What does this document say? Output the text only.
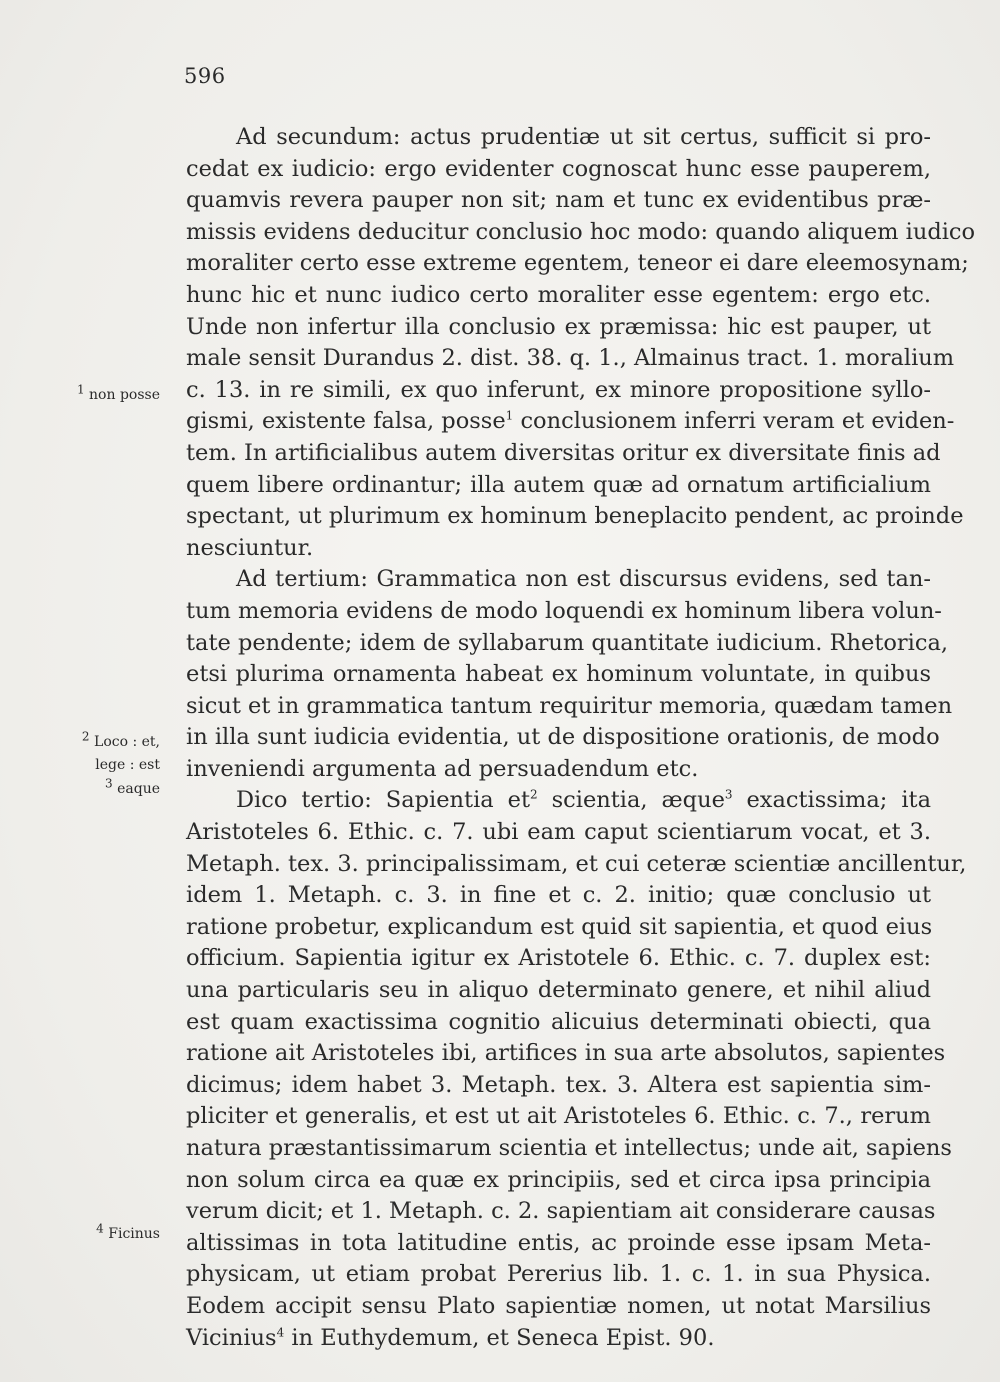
596
$^1$ non posse
$^2$ Loco : et,
lege : est
$^3$ eaque
$^4$ Ficinus
Ad secundum: actus prudentiæ ut sit certus, sufficit si pro-
cedat ex iudicio: ergo evidenter cognoscat hunc esse pauperem,
quamvis revera pauper non sit; nam et tunc ex evidentibus præ-
missis evidens deducitur conclusio hoc modo: quando aliquem iudico
moraliter certo esse extreme egentem, teneor ei dare eleemosynam;
hunc hic et nunc iudico certo moraliter esse egentem: ergo etc.
Unde non infertur illa conclusio ex præmissa: hic est pauper, ut
male sensit Durandus 2. dist. 38. q. 1., Almainus tract. 1. moralium
c. 13. in re simili, ex quo inferunt, ex minore propositione syllo-
gismi, existente falsa, posse$^1$ conclusionem inferri veram et eviden-
tem. In artificialibus autem diversitas oritur ex diversitate finis ad
quem libere ordinantur; illa autem quæ ad ornatum artificialium
spectant, ut plurimum ex hominum beneplacito pendent, ac proinde
nesciuntur.
Ad tertium: Grammatica non est discursus evidens, sed tan-
tum memoria evidens de modo loquendi ex hominum libera volun-
tate pendente; idem de syllabarum quantitate iudicium. Rhetorica,
etsi plurima ornamenta habeat ex hominum voluntate, in quibus
sicut et in grammatica tantum requiritur memoria, quædam tamen
in illa sunt iudicia evidentia, ut de dispositione orationis, de modo
inveniendi argumenta ad persuadendum etc.
Dico tertio: Sapientia $et^2$ scientia, æque$^3$ exactissima; ita
Aristoteles 6. Ethic. c. 7. ubi eam caput scientiarum vocat, et 3.
Metaph. tex. 3. principalissimam, et cui ceteræ scientiæ ancillentur,
idem 1. Metaph. c. 3. in fine et c. 2. initio; quæ conclusio ut
ratione probetur, explicandum est quid sit sapientia, et quod eius
officium. Sapientia igitur ex Aristotele 6. Ethic. c. 7. duplex est:
una particularis seu in aliquo determinato genere, et nihil aliud
est quam exactissima cognitio alicuius determinati obiecti, qua
ratione ait Aristoteles ibi, artifices in sua arte absolutos, sapientes
dicimus; idem habet 3. Metaph. tex. 3. Altera est sapientia sim-
pliciter et generalis, et est ut ait Aristoteles 6. Ethic. c. 7., rerum
natura præstantissimarum scientia et intellectus; unde ait, sapiens
non solum circa ea quæ ex principiis, sed et circa ipsa principia
verum dicit; et 1. Metaph. c. 2. sapientiam ait considerare causas
altissimas in tota latitudine entis, ac proinde esse ipsam Meta-
physicam, ut etiam probat Pererius lib. 1. c. 1. in sua Physica.
Eodem accipit sensu Plato sapientiæ nomen, ut notat Marsilius
Vicinius$^4$ in Euthydemum, et Seneca Epist. 90.
